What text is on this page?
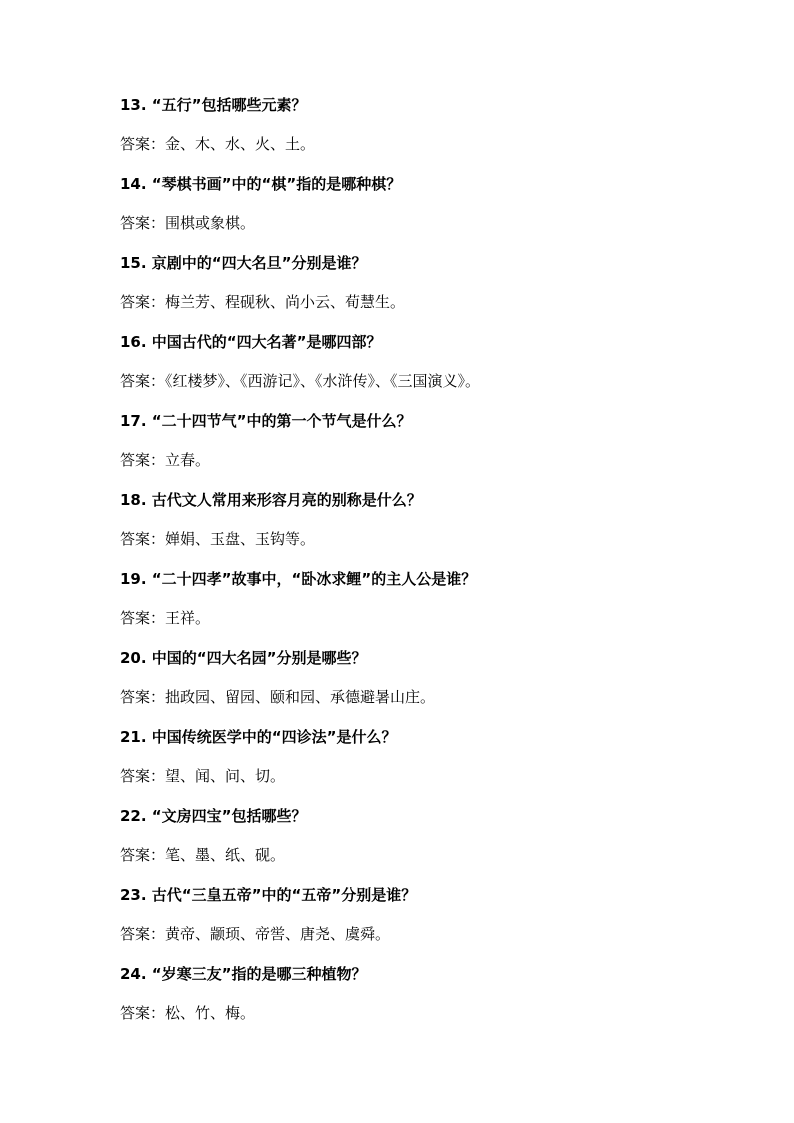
13. “五行”包括哪些元素？
答案：金、木、水、火、土。
14. “琴棋书画”中的“棋”指的是哪种棋？
答案：围棋或象棋。
15. 京剧中的“四大名旦”分别是谁？
答案：梅兰芳、程砚秋、尚小云、荀慧生。
16. 中国古代的“四大名著”是哪四部？
答案：《红楼梦》、《西游记》、《水浒传》、《三国演义》。
17. “二十四节气”中的第一个节气是什么？
答案：立春。
18. 古代文人常用来形容月亮的别称是什么？
答案：婵娟、玉盘、玉钩等。
19. “二十四孝”故事中，“卧冰求鲤”的主人公是谁？
答案：王祥。
20. 中国的“四大名园”分别是哪些？
答案：拙政园、留园、颐和园、承德避暑山庄。
21. 中国传统医学中的“四诊法”是什么？
答案：望、闻、问、切。
22. “文房四宝”包括哪些？
答案：笔、墨、纸、砚。
23. 古代“三皇五帝”中的“五帝”分别是谁？
答案：黄帝、颛顼、帝喾、唐尧、虞舜。
24. “岁寒三友”指的是哪三种植物？
答案：松、竹、梅。
